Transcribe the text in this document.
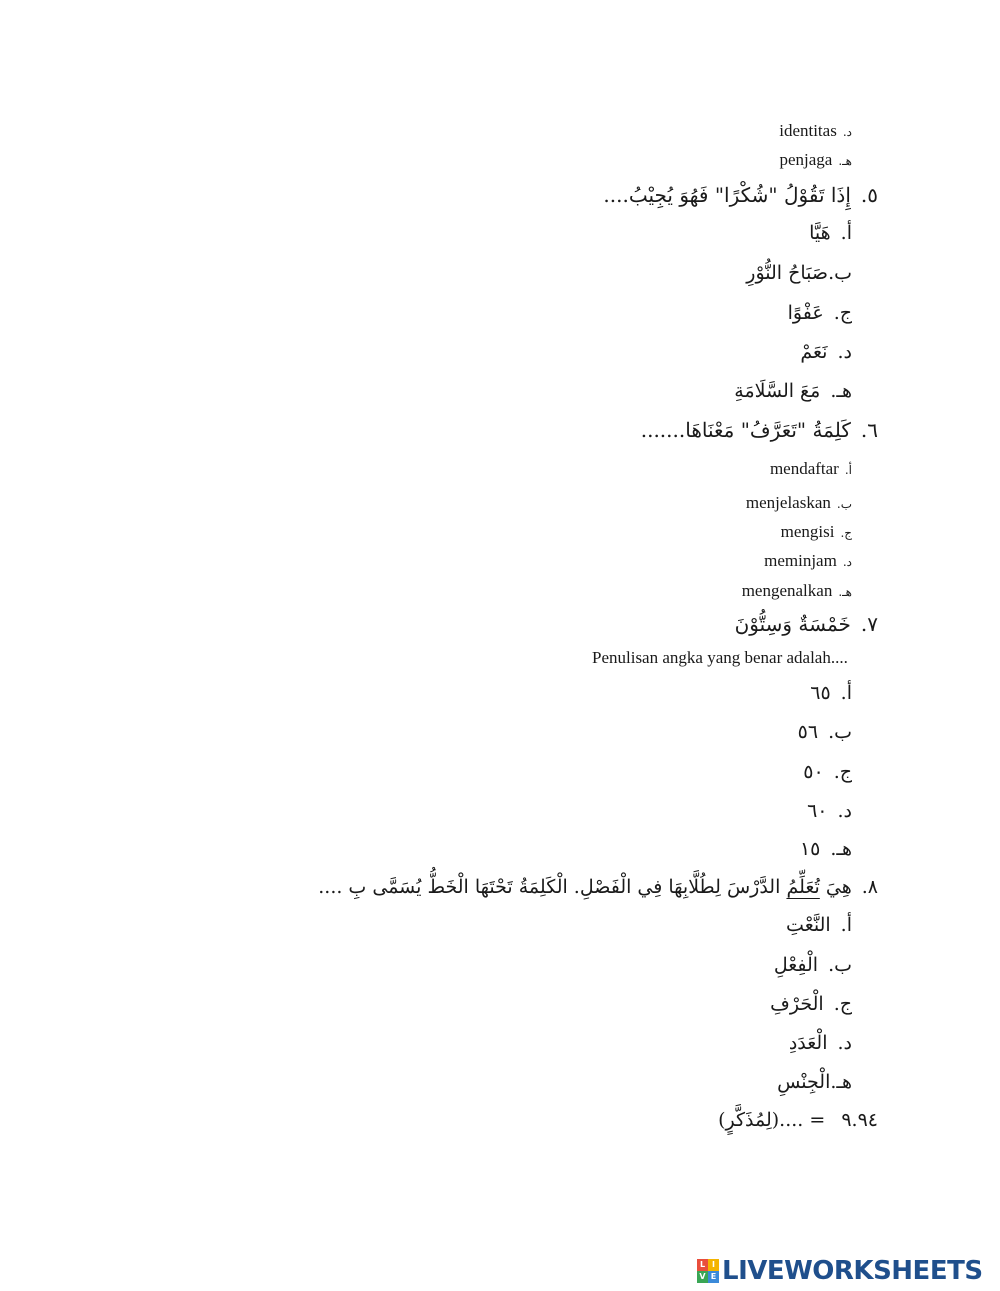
د.identitas
هـ.penjaga
٥.إِذَا تَقُوْلُ "شُكْرًا" فَهُوَ يُجِيْبُ....
أ.هَيَّا
ب.صَبَاحُ النُّوْرِ
ج.عَفْوًا
د.نَعَمْ
هـ.مَعَ السَّلَامَةِ
٦.كَلِمَةُ "تَعَرَّفُ" مَعْنَاهَا.......
أ.mendaftar
ب.menjelaskan
ج.mengisi
د.meminjam
هـ.mengenalkan
٧.خَمْسَةٌ وَسِتُّوْنَ
Penulisan angka yang benar adalah....
أ.٦٥
ب.٥٦
ج.٥٠
د.٦٠
هـ.١٥
٨.هِيَ تُعَلِّمُ الدَّرْسَ لِطُلَّابِهَا فِي الْفَصْلِ. الْكَلِمَةُ تَحْتَهَا الْخَطُّ يُسَمَّى بِ ....
أ.النَّعْتِ
ب.الْفِعْلِ
ج.الْحَرْفِ
د.الْعَدَدِ
هـ.الْجِنْسِ
٩.٩٤ = ....(لِمُذَكَّرٍ)
L I
V E LIVEWORKSHEETS
